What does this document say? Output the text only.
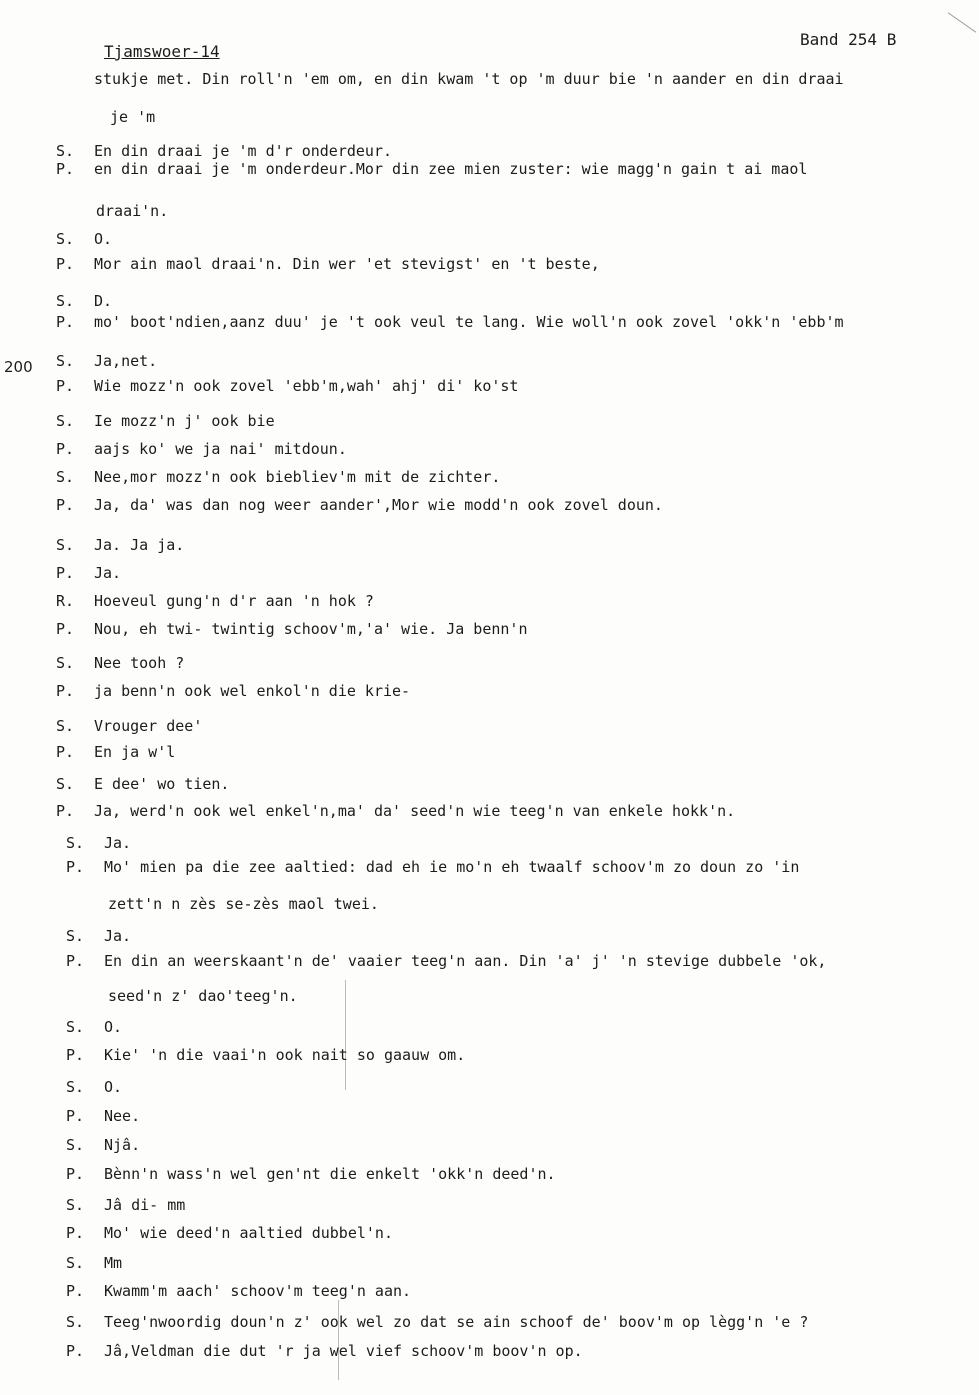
Tjamswoer-14
Band 254 B
200
stukje met. Din roll'n 'em om, en din kwam 't op 'm duur bie 'n aander en din draai
je 'm
S.	En din draai je 'm d'r onderdeur.
P.	en din draai je 'm onderdeur.Mor din zee mien zuster: wie magg'n gain t ai maol
draai'n.
S.	O.
P.	Mor ain maol draai'n. Din wer 'et stevigst' en 't beste,
S.	D.
P.	mo' boot'ndien,aanz duu' je 't ook veul te lang. Wie woll'n ook zovel 'okk'n 'ebb'm
S.	Ja,net.
P.	Wie mozz'n ook zovel 'ebb'm,wah' ahj' di' ko'st
S.	Ie mozz'n j' ook bie
P.	aajs ko' we ja nai' mitdoun.
S.	Nee,mor mozz'n ook biebliev'm mit de zichter.
P.	Ja, da' was dan nog weer aander',Mor wie modd'n ook zovel doun.
S.	Ja. Ja ja.
P.	Ja.
R.	Hoeveul gung'n d'r aan 'n hok ?
P.	Nou, eh twi- twintig schoov'm,'a' wie. Ja benn'n
S.	Nee tooh ?
P.	ja benn'n ook wel enkol'n die krie-
S.	Vrouger dee'
P.	En ja w'l
S.	E dee' wo tien.
P.	Ja, werd'n ook wel enkel'n,ma' da' seed'n wie teeg'n van enkele hokk'n.
S.	Ja.
P.	Mo' mien pa die zee aaltied: dad eh ie mo'n eh twaalf schoov'm zo doun zo 'in
zett'n n zès se-zès maol twei.
S.	Ja.
P.	En din an weerskaant'n de' vaaier teeg'n aan. Din 'a' j' 'n stevige dubbele 'ok,
seed'n z' dao'teeg'n.
S.	O.
P.	Kie' 'n die vaai'n ook nait so gaauw om.
S.	O.
P.	Nee.
S.	Njâ.
P.	Bènn'n wass'n wel gen'nt die enkelt 'okk'n deed'n.
S.	Jâ di- mm
P.	Mo' wie deed'n aaltied dubbel'n.
S.	Mm
P.	Kwamm'm aach' schoov'm teeg'n aan.
S.	Teeg'nwoordig doun'n z' ook wel zo dat se ain schoof de' boov'm op lègg'n 'e ?
P.	Jâ,Veldman die dut 'r ja wel vief schoov'm boov'n op.
